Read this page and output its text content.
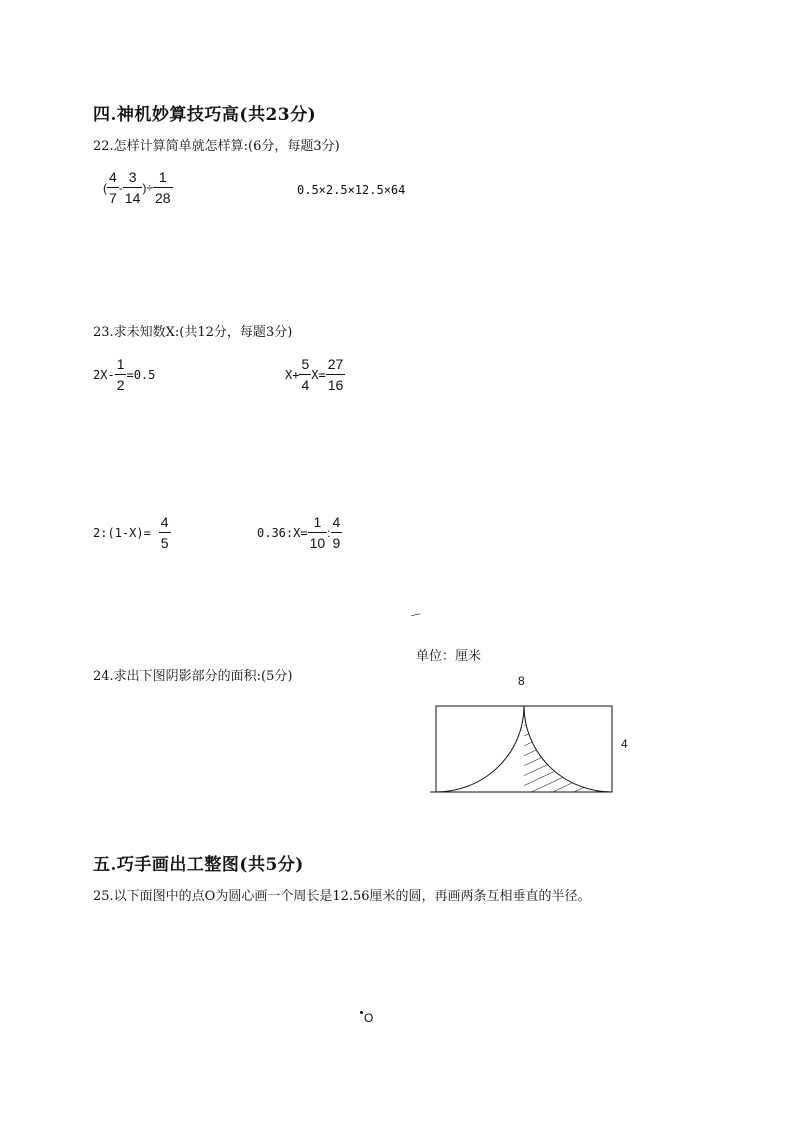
四.神机妙算技巧高(共23分)
22.怎样计算简单就怎样算:(6分，每题3分)
( $\frac{4}{7} - \frac{3}{14}$ )÷ $\frac{1}{28}$	0.5×2.5×12.5×64
23.求未知数X:(共12分，每题3分)
$2X- \frac{1}{2} =0.5$	$X+ \frac{5}{4} X= \frac{27}{16}$
2:(1-X)= $\frac{4}{5}$	0.36:X= $\frac{1}{10}$ : $\frac{4}{9}$
—
单位：厘米
24.求出下图阴影部分的面积:(5分)	8
4
五.巧手画出工整图(共5分)
25.以下面图中的点O为圆心画一个周长是12.56厘米的圆，再画两条互相垂直的半径。
O
